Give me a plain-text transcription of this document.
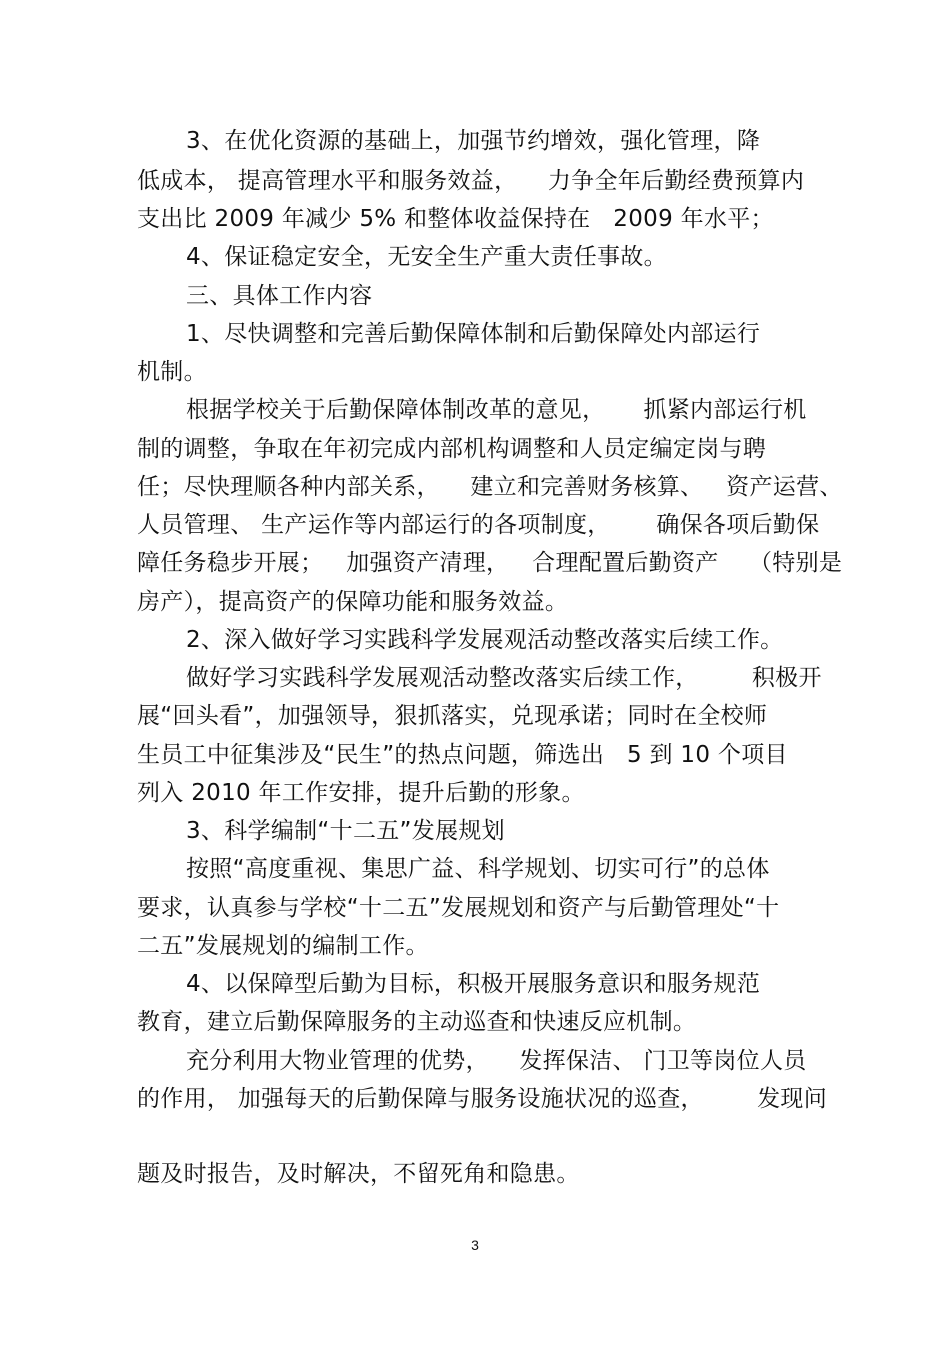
3、在优化资源的基础上，加强节约增效，强化管理，降
低成本， 提高管理水平和服务效益，    力争全年后勤经费预算内
支出比 2009 年减少 5% 和整体收益保持在   2009 年水平；
4、保证稳定安全，无安全生产重大责任事故。
三、具体工作内容
1、尽快调整和完善后勤保障体制和后勤保障处内部运行
机制。
根据学校关于后勤保障体制改革的意见，     抓紧内部运行机
制的调整，争取在年初完成内部机构调整和人员定编定岗与聘
任；尽快理顺各种内部关系，    建立和完善财务核算、   资产运营、
人员管理、 生产运作等内部运行的各项制度，      确保各项后勤保
障任务稳步开展；   加强资产清理，   合理配置后勤资产    （特别是
房产），提高资产的保障功能和服务效益。
2、深入做好学习实践科学发展观活动整改落实后续工作。
做好学习实践科学发展观活动整改落实后续工作，       积极开
展“回头看”，加强领导，狠抓落实，兑现承诺；同时在全校师
生员工中征集涉及“民生”的热点问题，筛选出   5 到 10 个项目
列入 2010 年工作安排，提升后勤的形象。
3、科学编制“十二五”发展规划
按照“高度重视、集思广益、科学规划、切实可行”的总体
要求，认真参与学校“十二五”发展规划和资产与后勤管理处“十
二五”发展规划的编制工作。
4、以保障型后勤为目标，积极开展服务意识和服务规范
教育，建立后勤保障服务的主动巡查和快速反应机制。
充分利用大物业管理的优势，    发挥保洁、 门卫等岗位人员
的作用， 加强每天的后勤保障与服务设施状况的巡查，       发现问
题及时报告，及时解决，不留死角和隐患。
3
